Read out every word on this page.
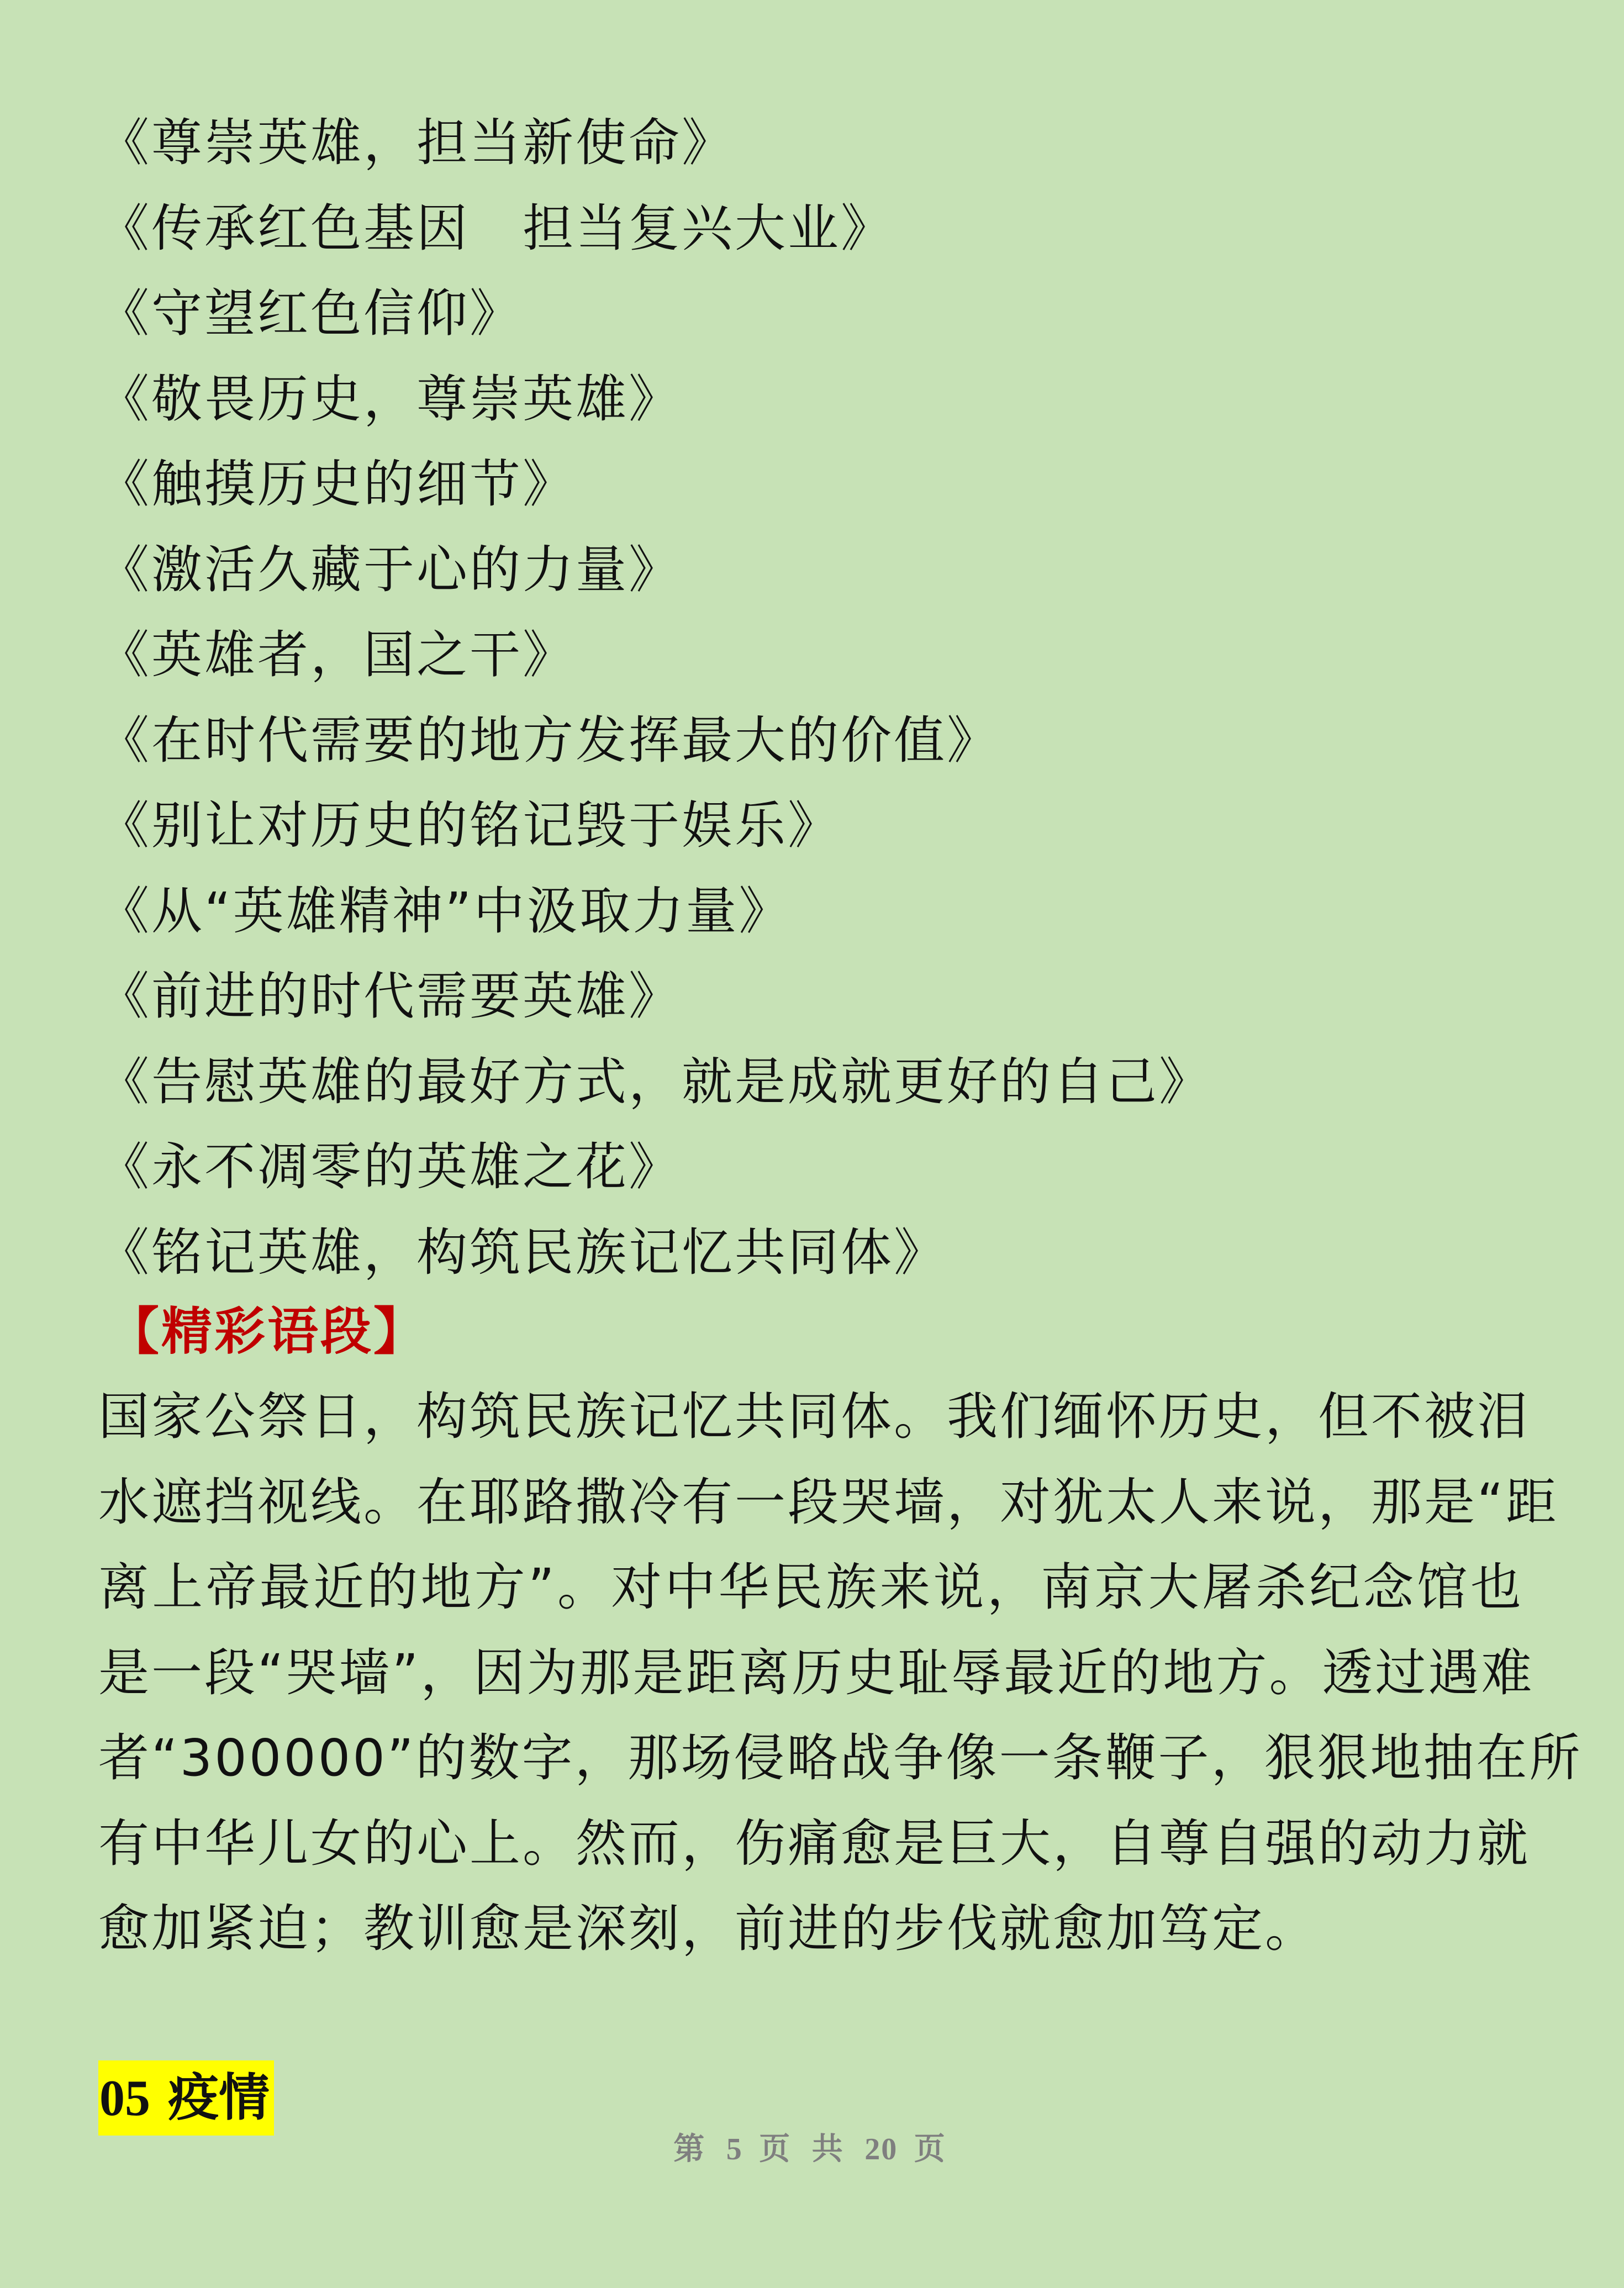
《尊崇英雄，担当新使命》
《传承红色基因　担当复兴大业》
《守望红色信仰》
《敬畏历史，尊崇英雄》
《触摸历史的细节》
《激活久藏于心的力量》
《英雄者，国之干》
《在时代需要的地方发挥最大的价值》
《别让对历史的铭记毁于娱乐》
《从“英雄精神”中汲取力量》
《前进的时代需要英雄》
《告慰英雄的最好方式，就是成就更好的自己》
《永不凋零的英雄之花》
《铭记英雄，构筑民族记忆共同体》
【精彩语段】
国家公祭日，构筑民族记忆共同体。我们缅怀历史，但不被泪
水遮挡视线。在耶路撒冷有一段哭墙，对犹太人来说，那是“距
离上帝最近的地方”。对中华民族来说，南京大屠杀纪念馆也
是一段“哭墙”，因为那是距离历史耻辱最近的地方。透过遇难
者“300000”的数字，那场侵略战争像一条鞭子，狠狠地抽在所
有中华儿女的心上。然而，伤痛愈是巨大，自尊自强的动力就
愈加紧迫；教训愈是深刻，前进的步伐就愈加笃定。
05 疫情
第 5 页 共 20 页
